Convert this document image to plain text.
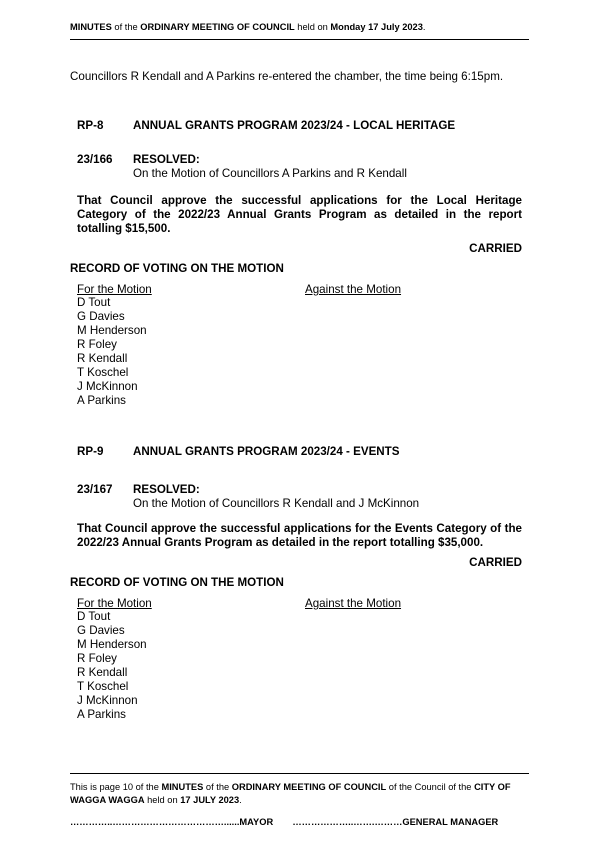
MINUTES of the ORDINARY MEETING OF COUNCIL held on Monday 17 July 2023.
Councillors R Kendall and A Parkins re-entered the chamber, the time being 6:15pm.
RP-8	ANNUAL GRANTS PROGRAM 2023/24 - LOCAL HERITAGE
23/166 RESOLVED:
On the Motion of Councillors A Parkins and R Kendall
That Council approve the successful applications for the Local Heritage Category of the 2022/23 Annual Grants Program as detailed in the report totalling $15,500.
CARRIED
RECORD OF VOTING ON THE MOTION
For the Motion	Against the Motion
D Tout
G Davies
M Henderson
R Foley
R Kendall
T Koschel
J McKinnon
A Parkins
RP-9	ANNUAL GRANTS PROGRAM 2023/24 - EVENTS
23/167 RESOLVED:
On the Motion of Councillors R Kendall and J McKinnon
That Council approve the successful applications for the Events Category of the 2022/23 Annual Grants Program as detailed in the report totalling $35,000.
CARRIED
RECORD OF VOTING ON THE MOTION
For the Motion	Against the Motion
D Tout
G Davies
M Henderson
R Foley
R Kendall
T Koschel
J McKinnon
A Parkins
This is page 10 of the MINUTES of the ORDINARY MEETING OF COUNCIL of the Council of the CITY OF WAGGA WAGGA held on 17 JULY 2023.
…………..………………………………......MAYOR ………………..…….………GENERAL MANAGER
